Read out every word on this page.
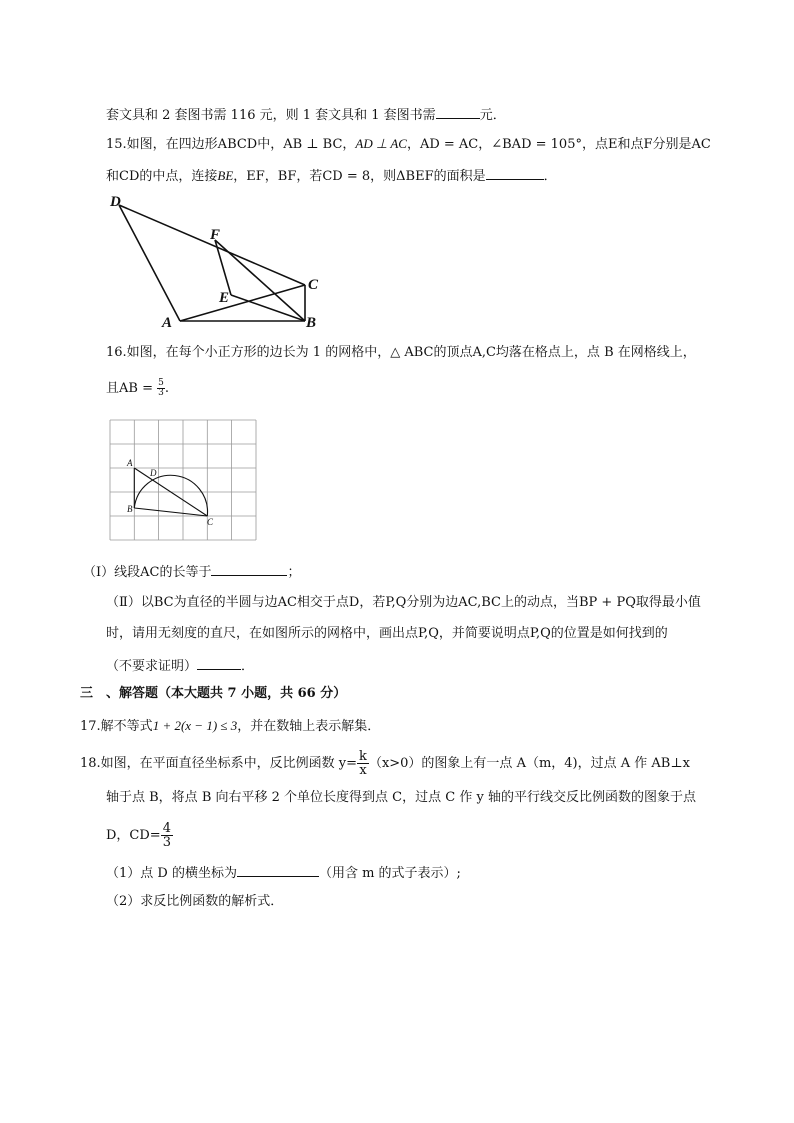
套文具和 2 套图书需 116 元，则 1 套文具和 1 套图书需	元．
15.如图，在四边形ABCD中，AB ⊥ BC，AD ⊥ AC，AD = AC，∠BAD = 105°，点E和点F分别是AC
和CD的中点，连接BE，EF，BF，若CD = 8，则ΔBEF的面积是	．
D
F
C
E
A	B
16.如图，在每个小正方形的边长为 1 的网格中，△ ABC的顶点A,C均落在格点上，点 B 在网格线上，
且AB = $\frac{5}{3}$ .
A
D
B
C
（Ⅰ）线段AC的长等于	；
（Ⅱ）以BC为直径的半圆与边AC相交于点D，若P,Q分别为边AC,BC上的动点，当BP + PQ取得最小值
时，请用无刻度的直尺，在如图所示的网格中，画出点P,Q，并简要说明点P,Q的位置是如何找到的
（不要求证明）	．
三　、解答题（本大题共 7 小题，共 66 分）
17.解不等式1 + 2(x − 1) ≤ 3，并在数轴上表示解集．
18.如图，在平面直径坐标系中，反比例函数 $y= \frac{k}{x} (x>0)$的图象上有一点 A（m，4)，过点 A 作 AB⊥x
轴于点 B，将点 B 向右平移 2 个单位长度得到点 C，过点 C 作 y 轴的平行线交反比例函数的图象于点
D，$CD= \frac{4}{3}$
（1）点 D 的横坐标为	（用含 m 的式子表示）;
（2）求反比例函数的解析式．
